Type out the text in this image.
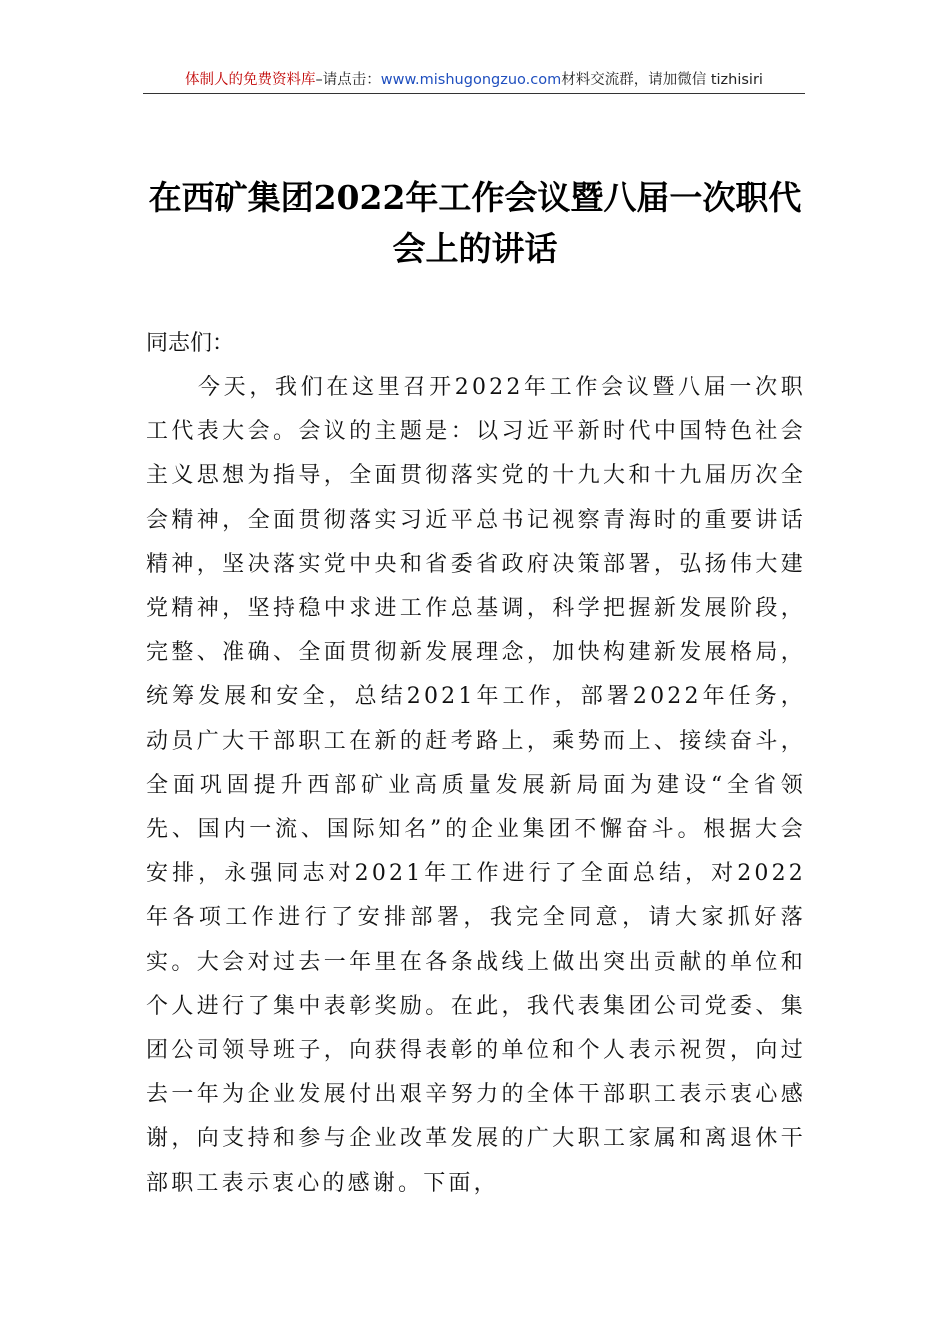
体制人的免费资料库–请点击：www.mishugongzuo.com材料交流群，请加微信 tizhisiri
在西矿集团2022年工作会议暨八届一次职代会上的讲话

同志们：

今天，我们在这里召开2022年工作会议暨八届一次职工代表大会。会议的主题是：以习近平新时代中国特色社会主义思想为指导，全面贯彻落实党的十九大和十九届历次全会精神，全面贯彻落实习近平总书记视察青海时的重要讲话精神，坚决落实党中央和省委省政府决策部署，弘扬伟大建党精神，坚持稳中求进工作总基调，科学把握新发展阶段，完整、准确、全面贯彻新发展理念，加快构建新发展格局，统筹发展和安全，总结2021年工作，部署2022年任务，动员广大干部职工在新的赶考路上，乘势而上、接续奋斗，全面巩固提升西部矿业高质量发展新局面为建设“全省领先、国内一流、国际知名”的企业集团不懈奋斗。根据大会安排，永强同志对2021年工作进行了全面总结，对2022年各项工作进行了安排部署，我完全同意，请大家抓好落实。大会对过去一年里在各条战线上做出突出贡献的单位和个人进行了集中表彰奖励。在此，我代表集团公司党委、集团公司领导班子，向获得表彰的单位和个人表示祝贺，向过去一年为企业发展付出艰辛努力的全体干部职工表示衷心感谢，向支持和参与企业改革发展的广大职工家属和离退休干部职工表示衷心的感谢。下面，
